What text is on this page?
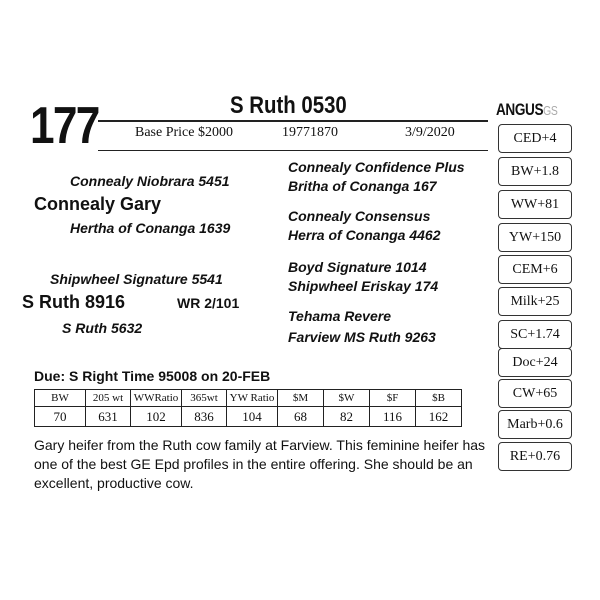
177	S Ruth 0530
Base Price $2000	19771870	3/9/2020
Connealy Niobrara 5451
Connealy Gary
Hertha of Conanga 1639
Connealy Confidence Plus
Britha of Conanga 167
Connealy Consensus
Herra of Conanga 4462
Shipwheel Signature 5541
S Ruth 8916	WR 2/101
S Ruth 5632
Boyd Signature 1014
Shipwheel Eriskay 174
Tehama Revere
Farview MS Ruth 9263
ANGUSGS
CED+4
BW+1.8
WW+81
YW+150
CEM+6
Milk+25
SC+1.74
Doc+24
CW+65
Marb+0.6
RE+0.76
Due: S Right Time 95008 on 20-FEB
BW	205 wt	WWRatio	365wt	YW Ratio	$M	$W	$F	$B
70	631	102	836	104	68	82	116	162
Gary heifer from the Ruth cow family at Farview. This feminine heifer has one of the best GE Epd profiles in the entire offering. She should be an excellent, productive cow.
